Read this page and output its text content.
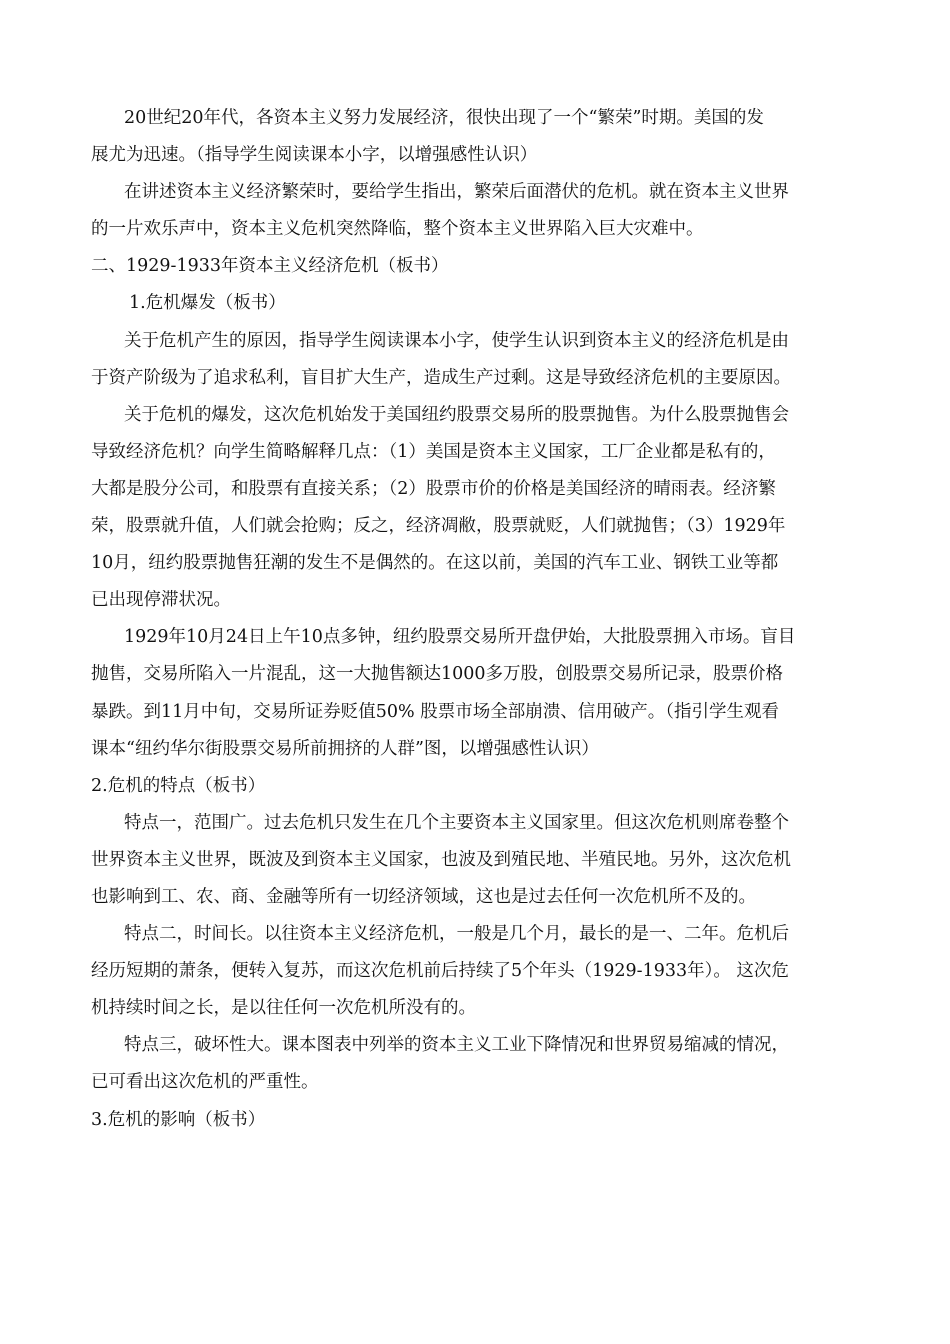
20世纪20年代，各资本主义努力发展经济，很快出现了一个“繁荣”时期。美国的发
展尤为迅速。（指导学生阅读课本小字，以增强感性认识）
在讲述资本主义经济繁荣时，要给学生指出，繁荣后面潜伏的危机。就在资本主义世界
的一片欢乐声中，资本主义危机突然降临，整个资本主义世界陷入巨大灾难中。
二、1929-1933年资本主义经济危机（板书）
1.危机爆发（板书）
关于危机产生的原因，指导学生阅读课本小字，使学生认识到资本主义的经济危机是由
于资产阶级为了追求私利，盲目扩大生产，造成生产过剩。这是导致经济危机的主要原因。
关于危机的爆发，这次危机始发于美国纽约股票交易所的股票抛售。为什么股票抛售会
导致经济危机？向学生简略解释几点：（1）美国是资本主义国家，工厂企业都是私有的，
大都是股分公司，和股票有直接关系；（2）股票市价的价格是美国经济的晴雨表。经济繁
荣，股票就升值，人们就会抢购；反之，经济凋敝，股票就贬，人们就抛售；（3）1929年
10月，纽约股票抛售狂潮的发生不是偶然的。在这以前，美国的汽车工业、钢铁工业等都
已出现停滞状况。
1929年10月24日上午10点多钟，纽约股票交易所开盘伊始，大批股票拥入市场。盲目
抛售，交易所陷入一片混乱，这一大抛售额达1000多万股，创股票交易所记录，股票价格
暴跌。到11月中旬，交易所证券贬值50% 股票市场全部崩溃、信用破产。（指引学生观看
课本“纽约华尔街股票交易所前拥挤的人群”图，以增强感性认识）
2.危机的特点（板书）
特点一，范围广。过去危机只发生在几个主要资本主义国家里。但这次危机则席卷整个
世界资本主义世界，既波及到资本主义国家，也波及到殖民地、半殖民地。另外，这次危机
也影响到工、农、商、金融等所有一切经济领域，这也是过去任何一次危机所不及的。
特点二，时间长。以往资本主义经济危机，一般是几个月，最长的是一、二年。危机后
经历短期的萧条，便转入复苏，而这次危机前后持续了5个年头（1929-1933年）。 这次危
机持续时间之长，是以往任何一次危机所没有的。
特点三，破坏性大。课本图表中列举的资本主义工业下降情况和世界贸易缩减的情况，
已可看出这次危机的严重性。
3.危机的影响（板书）
